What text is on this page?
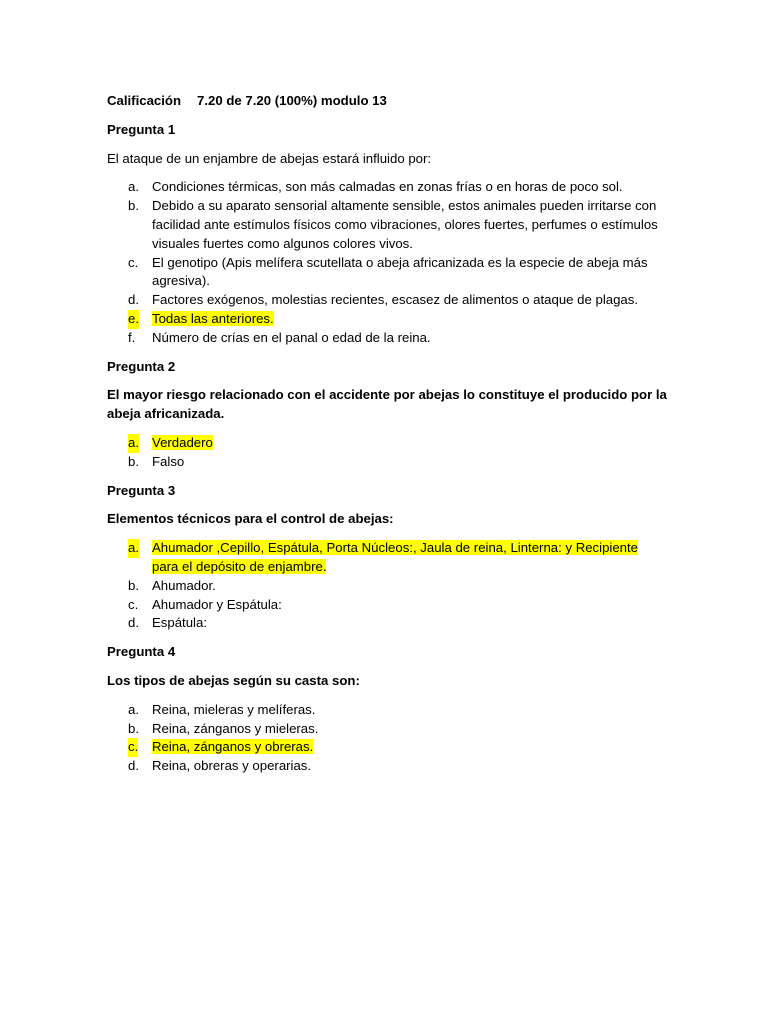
Calificación 7.20 de 7.20 (100%) modulo 13
Pregunta 1
El ataque de un enjambre de abejas estará influido por:
a. Condiciones térmicas, son más calmadas en zonas frías o en horas de poco sol.
b. Debido a su aparato sensorial altamente sensible, estos animales pueden irritarse con facilidad ante estímulos físicos como vibraciones, olores fuertes, perfumes o estímulos visuales fuertes como algunos colores vivos.
c. El genotipo (Apis melífera scutellata o abeja africanizada es la especie de abeja más agresiva).
d. Factores exógenos, molestias recientes, escasez de alimentos o ataque de plagas.
e. Todas las anteriores.
f. Número de crías en el panal o edad de la reina.
Pregunta 2
El mayor riesgo relacionado con el accidente por abejas lo constituye el producido por la abeja africanizada.
a. Verdadero
b. Falso
Pregunta 3
Elementos técnicos para el control de abejas:
a. Ahumador ,Cepillo, Espátula, Porta Núcleos:, Jaula de reina, Linterna: y Recipiente para el depósito de enjambre.
b. Ahumador.
c. Ahumador y Espátula:
d. Espátula:
Pregunta 4
Los tipos de abejas según su casta son:
a. Reina, mieleras y melíferas.
b. Reina, zánganos y mieleras.
c. Reina, zánganos y obreras.
d. Reina, obreras y operarias.
